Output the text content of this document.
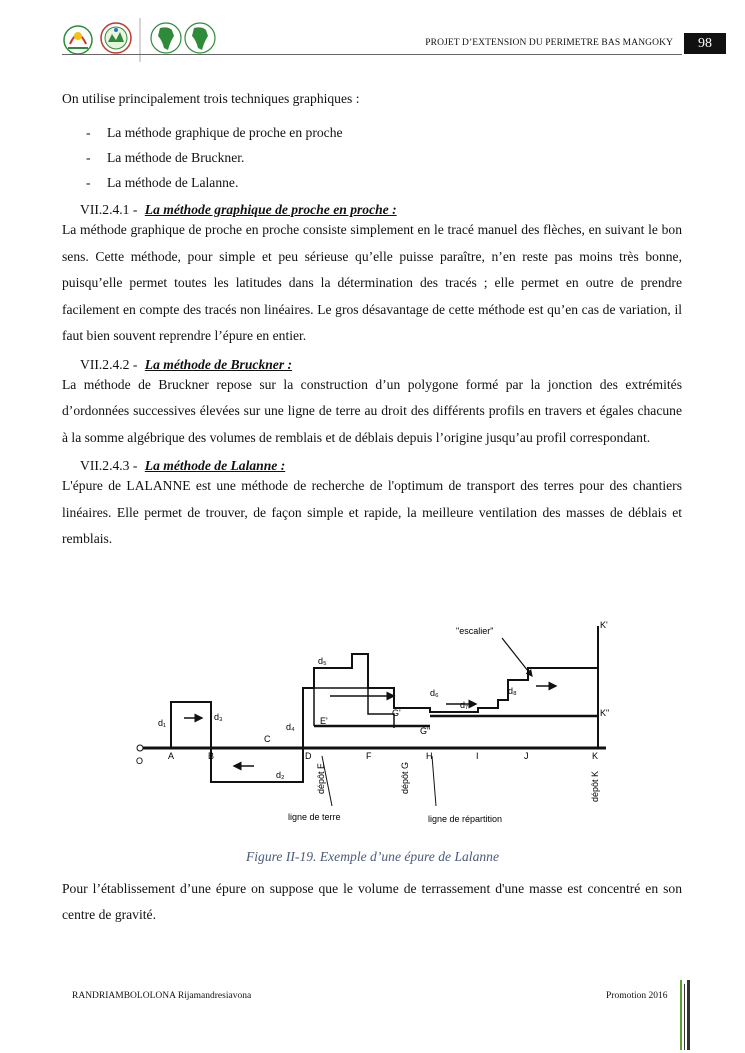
PROJET D’EXTENSION DU PERIMETRE BAS MANGOKY	98

On utilise principalement trois techniques graphiques :

- La méthode graphique de proche en proche
- La méthode de Bruckner.
- La méthode de Lalanne.
VII.2.4.1 - La méthode graphique de proche en proche :

La méthode graphique de proche en proche consiste simplement en le tracé manuel des flèches, en suivant le bon sens. Cette méthode, pour simple et peu sérieuse qu’elle puisse paraître, n’en reste pas moins très bonne, puisqu’elle permet toutes les latitudes dans la détermination des tracés ; elle permet en outre de prendre facilement en compte des tracés non linéaires. Le gros désavantage de cette méthode est qu’en cas de variation, il faut bien souvent reprendre l’épure en entier.

VII.2.4.2 - La méthode de Bruckner :

La méthode de Bruckner repose sur la construction d’un polygone formé par la jonction des extrémités d’ordonnées successives élevées sur une ligne de terre au droit des différents profils en travers et égales chacune à la somme algébrique des volumes de remblais et de déblais depuis l’origine jusqu’au profil correspondant.

VII.2.4.3 - La méthode de Lalanne :

L'épure de LALANNE est une méthode de recherche de l'optimum de transport des terres pour des chantiers linéaires. Elle permet de trouver, de façon simple et rapide, la meilleure ventilation des masses de déblais et remblais.

"escalier"
K'
K"
O	A	B
C
D
E'
F
G'
G"
H	I	J	K
d₁
d₂
d₃
d₄
d₅
d₆
d₇
d₈
dépôt E	dépôt G	dépôt K
ligne de terre	ligne de répartition
Figure II-19. Exemple d’une épure de Lalanne

Pour l’établissement d’une épure on suppose que le volume de terrassement d'une masse est concentré en son centre de gravité.

RANDRIAMBOLOLONA Rijamandresiavona	Promotion 2016
